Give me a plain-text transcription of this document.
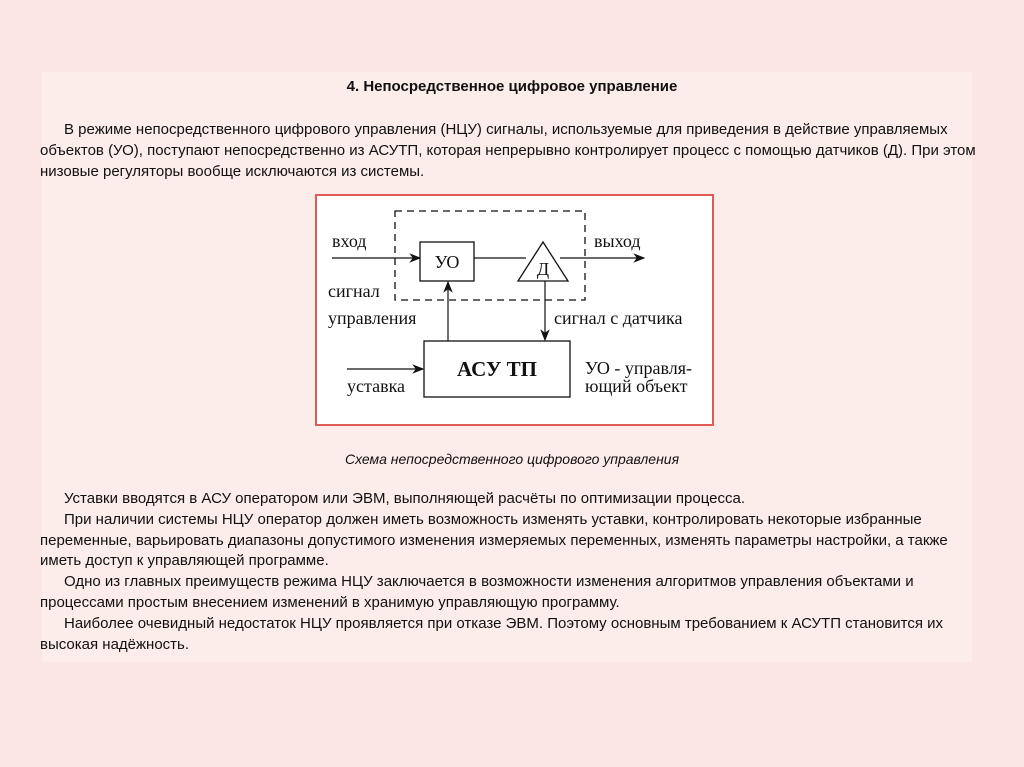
4. Непосредственное цифровое управление

В режиме непосредственного цифрового управления (НЦУ) сигналы, используемые для приведения в действие управляемых объектов (УО), поступают непосредственно из АСУТП, которая непрерывно контролирует процесс с помощью датчиков (Д). При этом низовые регуляторы вообще исключаются из системы.

вход	выход
УО	Д
сигнал
управления	сигнал с датчика
АСУ ТП
уставка
УО - управля-
ющий объект
Схема непосредственного цифрового управления

Уставки вводятся в АСУ оператором или ЭВМ, выполняющей расчёты по оптимизации процесса.

При наличии системы НЦУ оператор должен иметь возможность изменять уставки, контролировать некоторые избранные переменные, варьировать диапазоны допустимого изменения измеряемых переменных, изменять параметры настройки, а также иметь доступ к управляющей программе.

Одно из главных преимуществ режима НЦУ заключается в возможности изменения алгоритмов управления объектами и процессами простым внесением изменений в хранимую управляющую программу.

Наиболее очевидный недостаток НЦУ проявляется при отказе ЭВМ. Поэтому основным требованием к АСУТП становится их высокая надёжность.
